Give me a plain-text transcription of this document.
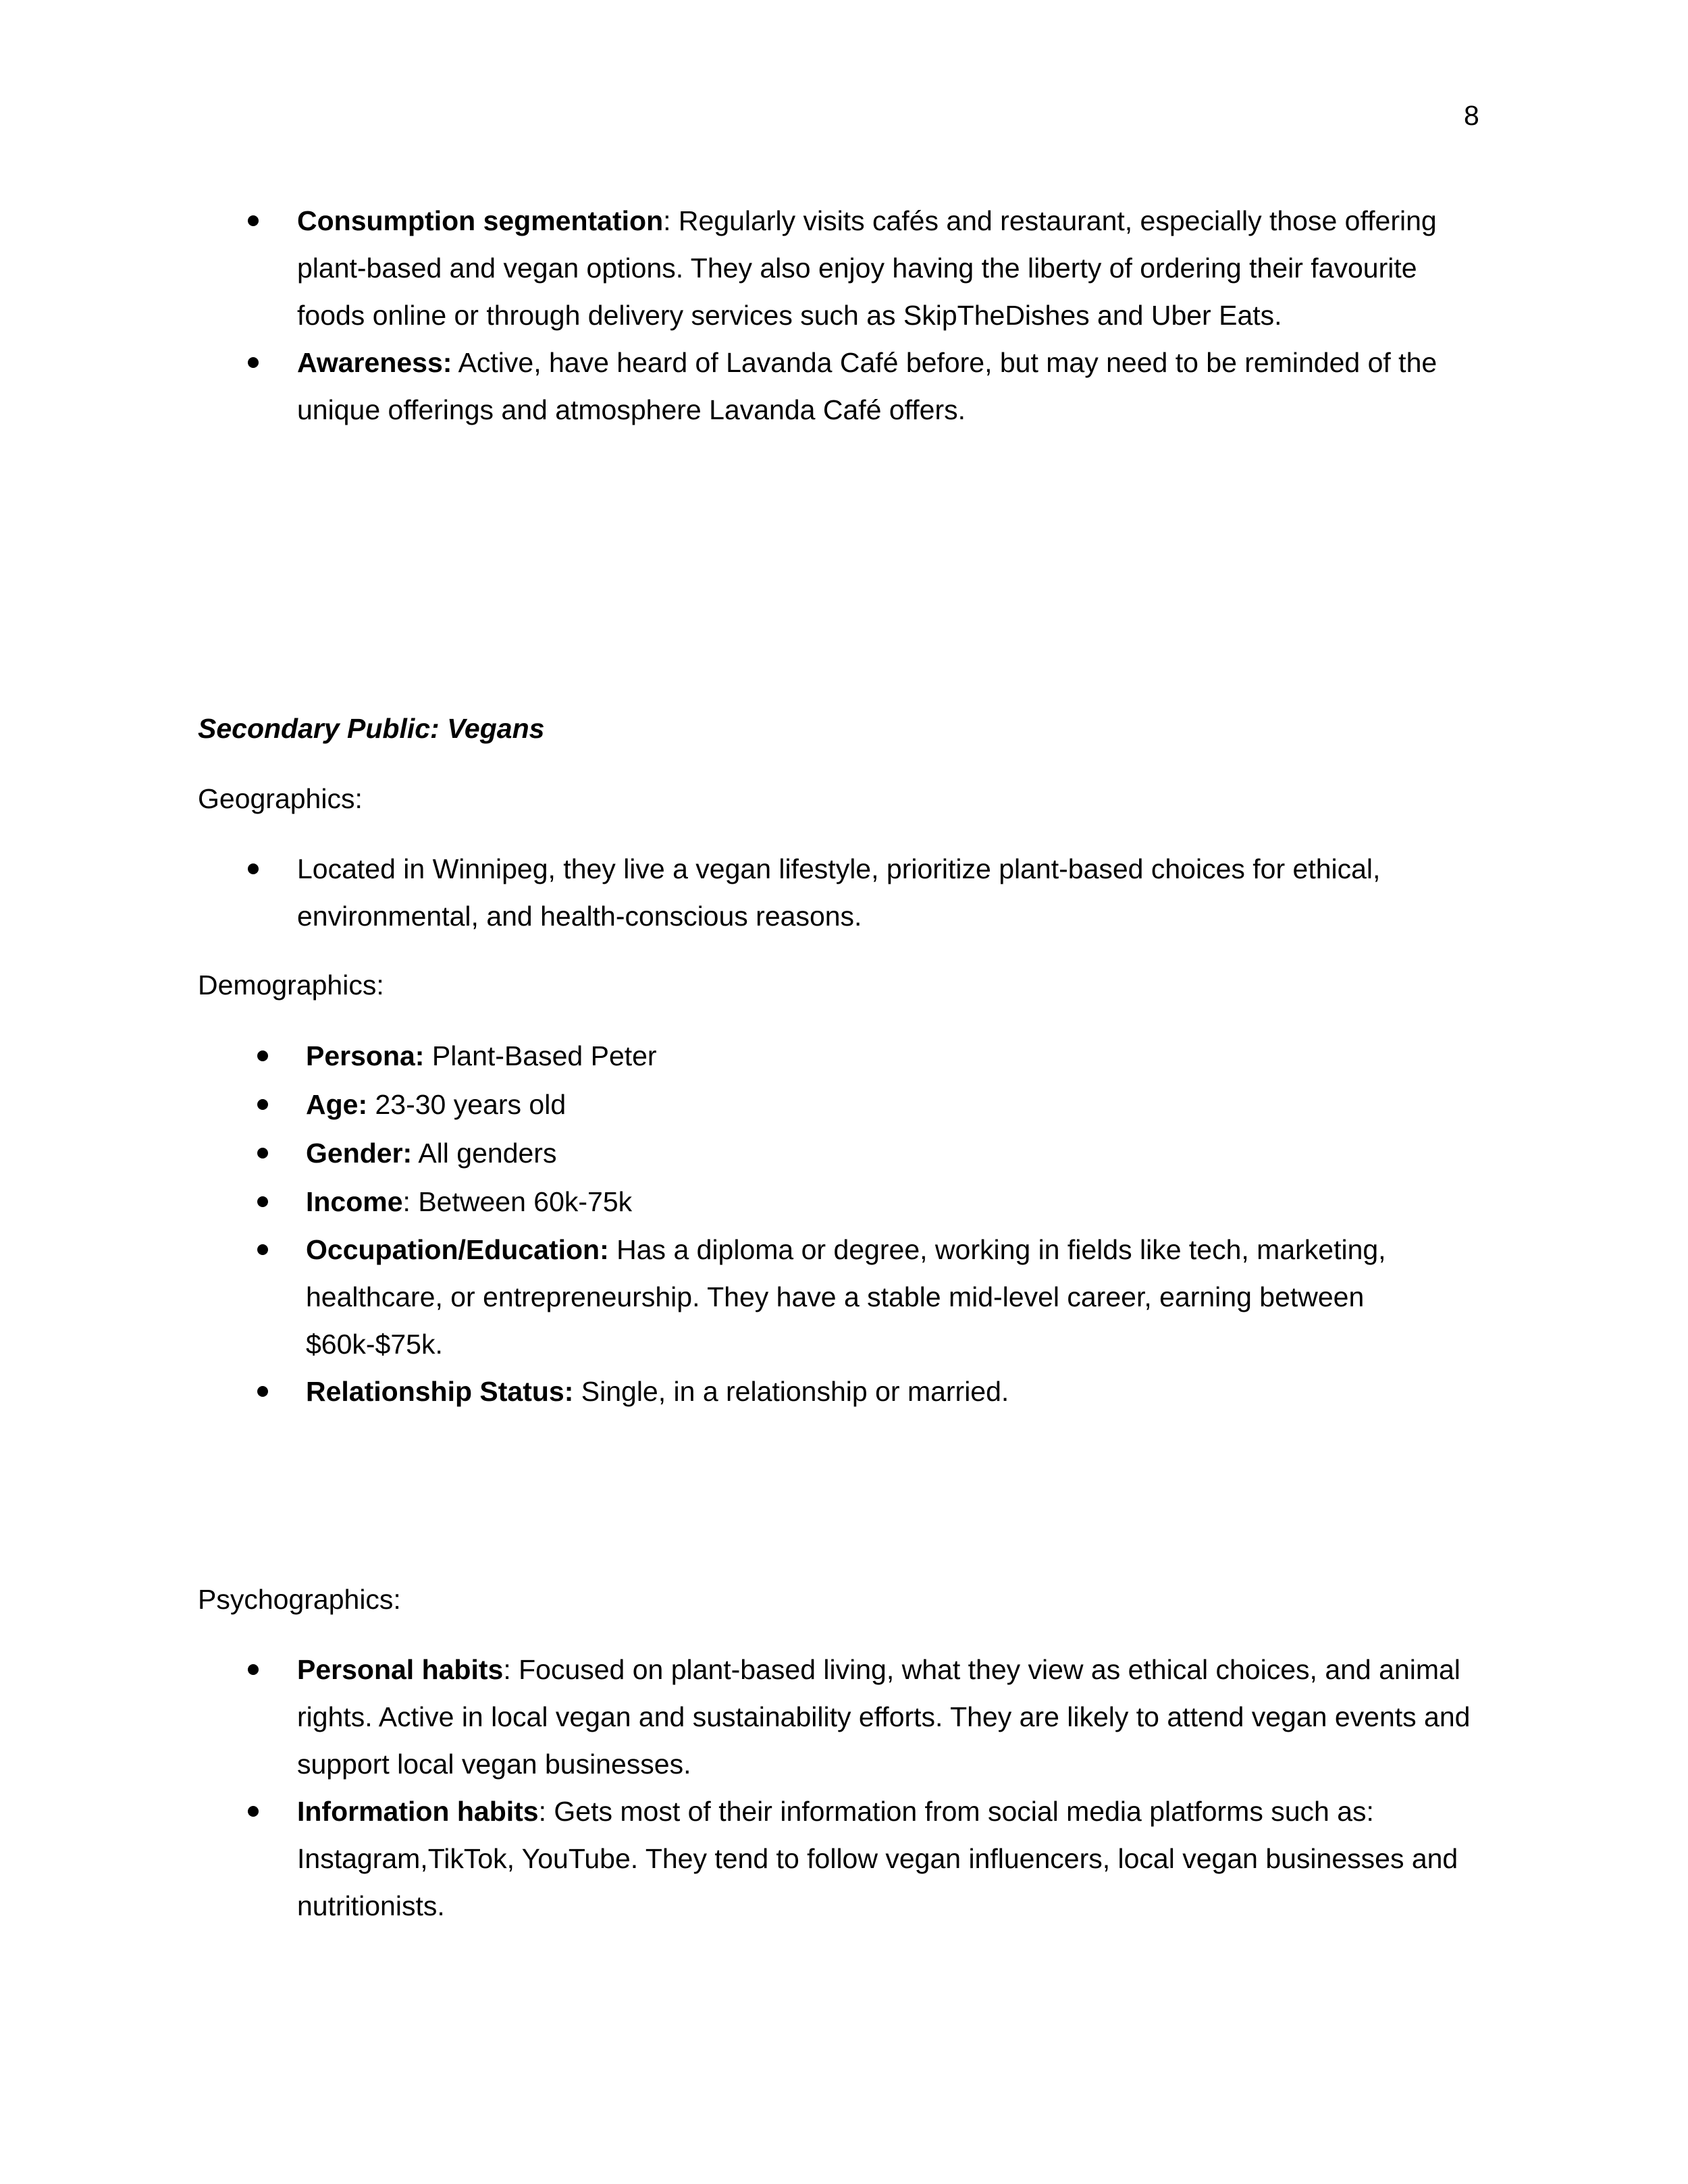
8
Consumption segmentation: Regularly visits cafés and restaurant, especially those offering plant-based and vegan options. They also enjoy having the liberty of ordering their favourite foods online or through delivery services such as SkipTheDishes and Uber Eats.
Awareness: Active, have heard of Lavanda Café before, but may need to be reminded of the unique offerings and atmosphere Lavanda Café offers.
Secondary Public: Vegans
Geographics:
Located in Winnipeg, they live a vegan lifestyle, prioritize plant-based choices for ethical, environmental, and health-conscious reasons.
Demographics:
Persona: Plant-Based Peter
Age: 23-30 years old
Gender: All genders
Income: Between 60k-75k
Occupation/Education: Has a diploma or degree, working in fields like tech, marketing, healthcare, or entrepreneurship. They have a stable mid-level career, earning between $60k-$75k.
Relationship Status: Single, in a relationship or married.
Psychographics:
Personal habits: Focused on plant-based living, what they view as ethical choices, and animal rights. Active in local vegan and sustainability efforts. They are likely to attend vegan events and support local vegan businesses.
Information habits: Gets most of their information from social media platforms such as: Instagram,TikTok, YouTube. They tend to follow vegan influencers, local vegan businesses and nutritionists.
